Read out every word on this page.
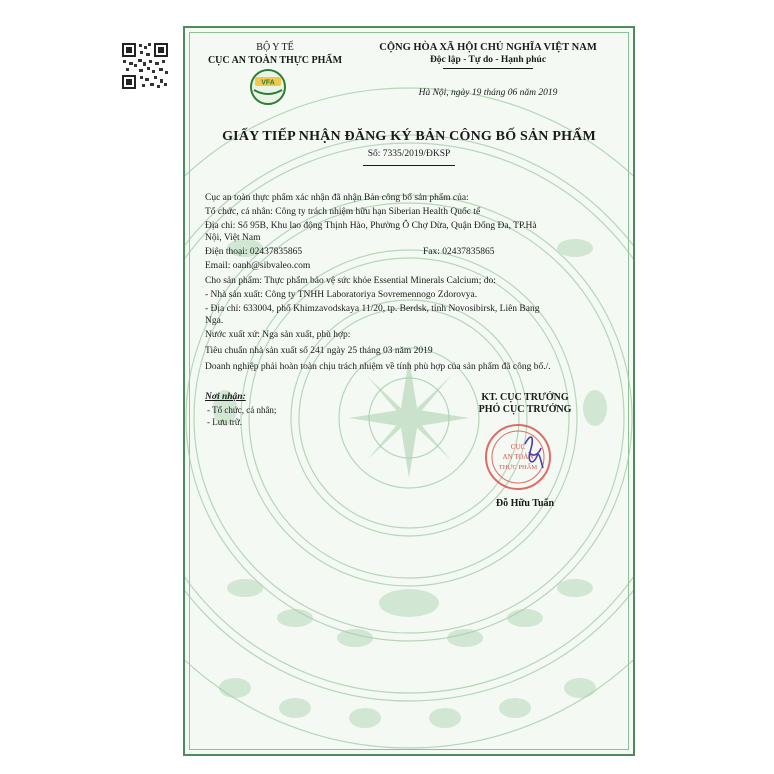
BỘ Y TẾ
CỤC AN TOÀN THỰC PHẨM
VFA
CỘNG HÒA XÃ HỘI CHỦ NGHĨA VIỆT NAM
Độc lập - Tự do - Hạnh phúc
Hà Nội, ngày 19 tháng 06 năm 2019
GIẤY TIẾP NHẬN ĐĂNG KÝ BẢN CÔNG BỐ SẢN PHẨM
Số: 7335/2019/ĐKSP
Cục an toàn thực phẩm xác nhận đã nhận Bản công bố sản phẩm của:
Tổ chức, cá nhân: Công ty trách nhiệm hữu hạn Siberian Health Quốc tế
Địa chỉ: Số 95B, Khu lao động Thịnh Hào, Phường Ô Chợ Dừa, Quận Đống Đa, TP.Hà
Nội, Việt Nam
Điện thoại: 02437835865	Fax: 02437835865
Email: oanh@sibvaleo.com
Cho sản phẩm: Thực phẩm bảo vệ sức khỏe Essential Minerals Calcium; do:
- Nhà sản xuất: Công ty TNHH Laboratoriya Sovremennogo Zdorovya.
- Địa chỉ: 633004, phố Khimzavodskaya 11/20, tp. Berdsk, tỉnh Novosibirsk, Liên Bang
Nga.
Nước xuất xứ: Nga sản xuất, phù hợp:
Tiêu chuẩn nhà sản xuất số 241 ngày 25 tháng 03 năm 2019
Doanh nghiệp phải hoàn toàn chịu trách nhiệm về tính phù hợp của sản phẩm đã công bố./.
Nơi nhận:
- Tổ chức, cá nhân;
- Lưu trữ.
KT. CỤC TRƯỞNG
PHÓ CỤC TRƯỞNG
CỤC
AN TOÀN
THỰC PHẨM
Đỗ Hữu Tuấn
